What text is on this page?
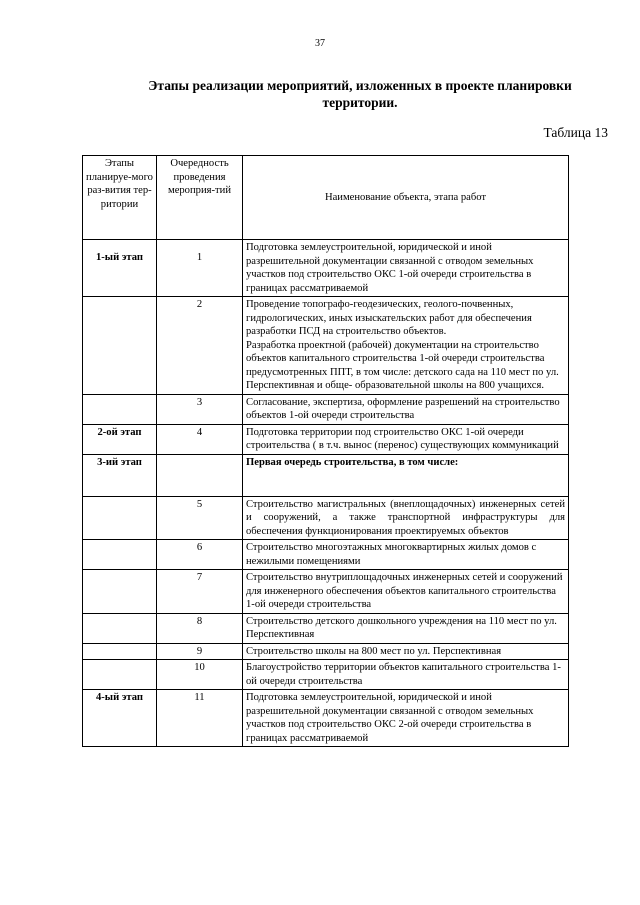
37
Этапы реализации мероприятий, изложенных в проекте планировки территории.
Таблица 13
Этапы планируе-мого раз-вития тер-ритории	Очередность проведения мероприя-тий	Наименование объекта, этапа работ

1-ый этап	1	Подготовка землеустроительной, юридической и иной разрешительной документации связанной с отводом земельных участков под строительство ОКС 1-ой очереди строительства в границах рассматриваемой
	2	Проведение топографо-геодезических, геолого-почвенных, гидрологических, иных изыскательских работ для обеспечения разработки ПСД на строительство объектов.
Разработка проектной (рабочей) документации на строительство объектов капитального строительства 1-ой очереди строительства предусмотренных ППТ, в том числе: детского сада на 110 мест по ул. Перспективная и обще- образовательной школы на 800 учащихся.

	3	Согласование, экспертиза, оформление разрешений на строительство объектов 1-ой очереди строительства

2-ой этап	4	Подготовка территории под строительство ОКС 1-ой очереди строительства ( в т.ч. вынос (перенос) существующих коммуникаций

3-ий этап		Первая очередь строительства, в том числе:
	5	Строительство магистральных (внеплощадочных) инженерных сетей и сооружений, а также транспортной инфраструктуры для обеспечения функционирования проектируемых объектов
	6	Строительство многоэтажных многоквартирных жилых домов с нежилыми помещениями
	7	Строительство внутриплощадочных инженерных сетей и сооружений для инженерного обеспечения объектов капитального строительства 1-ой очереди строительства
	8	Строительство детского дошкольного учреждения на 110 мест по ул. Перспективная
	9	Строительство школы на 800 мест по ул. Перспективная
	10	Благоустройство территории объектов капитального строительства 1-ой очереди строительства

4-ый этап	11	Подготовка землеустроительной, юридической и иной разрешительной документации связанной с отводом земельных участков под строительство ОКС 2-ой очереди строительства в границах рассматриваемой
